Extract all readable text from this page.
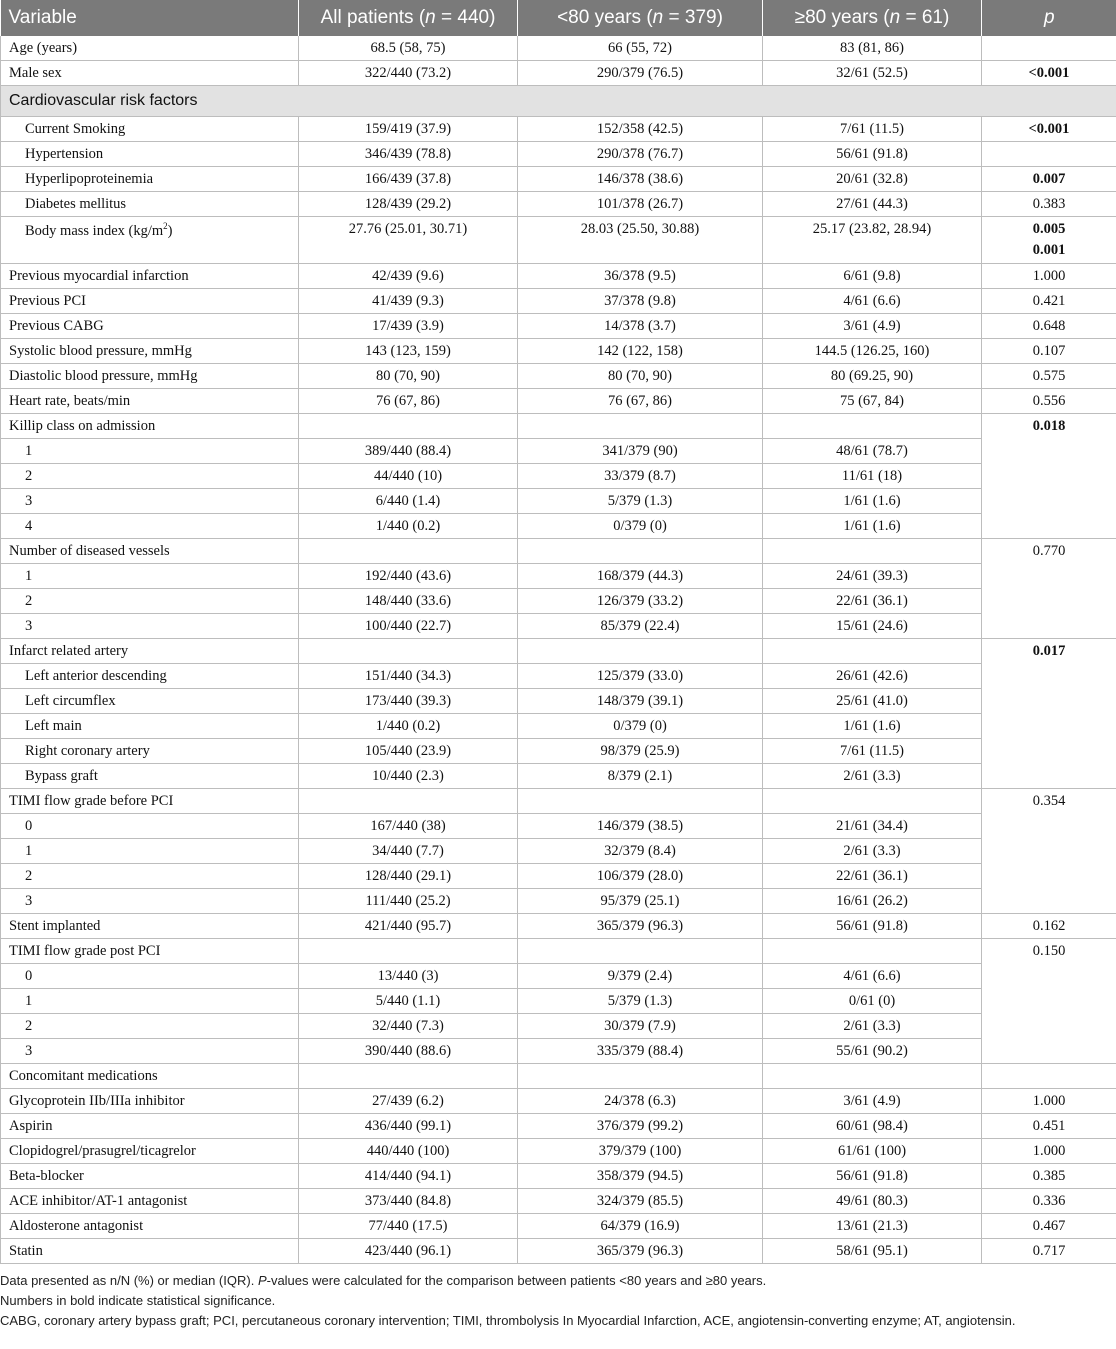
Variable	All patients (n = 440)	<80 years (n = 379)	≥80 years (n = 61)	p
Age (years)	68.5 (58, 75)	66 (55, 72)	83 (81, 86)	
Male sex	322/440 (73.2)	290/379 (76.5)	32/61 (52.5)	<0.001
Cardiovascular risk factors				
Current Smoking	159/419 (37.9)	152/358 (42.5)	7/61 (11.5)	<0.001
Hypertension	346/439 (78.8)	290/378 (76.7)	56/61 (91.8)	
Hyperlipoproteinemia	166/439 (37.8)	146/378 (38.6)	20/61 (32.8)	0.007
Diabetes mellitus	128/439 (29.2)	101/378 (26.7)	27/61 (44.3)	0.383
Body mass index $(kg/m^2)$	27.76 (25.01, 30.71)	28.03 (25.50, 30.88)	25.17 (23.82, 28.94)	0.005
0.001

Previous myocardial infarction	42/439 (9.6)	36/378 (9.5)	6/61 (9.8)	1.000
Previous PCI	41/439 (9.3)	37/378 (9.8)	4/61 (6.6)	0.421
Previous CABG	17/439 (3.9)	14/378 (3.7)	3/61 (4.9)	0.648
Systolic blood pressure, mmHg	143 (123, 159)	142 (122, 158)	144.5 (126.25, 160)	0.107
Diastolic blood pressure, mmHg	80 (70, 90)	80 (70, 90)	80 (69.25, 90)	0.575
Heart rate, beats/min	76 (67, 86)	76 (67, 86)	75 (67, 84)	0.556
Killip class on admission				0.018
1	389/440 (88.4)	341/379 (90)	48/61 (78.7)	
2	44/440 (10)	33/379 (8.7)	11/61 (18)	
3	6/440 (1.4)	5/379 (1.3)	1/61 (1.6)	
4	1/440 (0.2)	0/379 (0)	1/61 (1.6)	
Number of diseased vessels				0.770
1	192/440 (43.6)	168/379 (44.3)	24/61 (39.3)	
2	148/440 (33.6)	126/379 (33.2)	22/61 (36.1)	
3	100/440 (22.7)	85/379 (22.4)	15/61 (24.6)	
Infarct related artery				0.017
Left anterior descending	151/440 (34.3)	125/379 (33.0)	26/61 (42.6)	
Left circumflex	173/440 (39.3)	148/379 (39.1)	25/61 (41.0)	
Left main	1/440 (0.2)	0/379 (0)	1/61 (1.6)	
Right coronary artery	105/440 (23.9)	98/379 (25.9)	7/61 (11.5)	
Bypass graft	10/440 (2.3)	8/379 (2.1)	2/61 (3.3)	
TIMI flow grade before PCI				0.354
0	167/440 (38)	146/379 (38.5)	21/61 (34.4)	
1	34/440 (7.7)	32/379 (8.4)	2/61 (3.3)	
2	128/440 (29.1)	106/379 (28.0)	22/61 (36.1)	
3	111/440 (25.2)	95/379 (25.1)	16/61 (26.2)	
Stent implanted	421/440 (95.7)	365/379 (96.3)	56/61 (91.8)	0.162
TIMI flow grade post PCI				0.150
0	13/440 (3)	9/379 (2.4)	4/61 (6.6)	
1	5/440 (1.1)	5/379 (1.3)	0/61 (0)	
2	32/440 (7.3)	30/379 (7.9)	2/61 (3.3)	
3	390/440 (88.6)	335/379 (88.4)	55/61 (90.2)	
Concomitant medications				
Glycoprotein IIb/IIIa inhibitor	27/439 (6.2)	24/378 (6.3)	3/61 (4.9)	1.000
Aspirin	436/440 (99.1)	376/379 (99.2)	60/61 (98.4)	0.451
Clopidogrel/prasugrel/ticagrelor	440/440 (100)	379/379 (100)	61/61 (100)	1.000
Beta-blocker	414/440 (94.1)	358/379 (94.5)	56/61 (91.8)	0.385
ACE inhibitor/AT-1 antagonist	373/440 (84.8)	324/379 (85.5)	49/61 (80.3)	0.336
Aldosterone antagonist	77/440 (17.5)	64/379 (16.9)	13/61 (21.3)	0.467
Statin	423/440 (96.1)	365/379 (96.3)	58/61 (95.1)	0.717
Data presented as n/N (%) or median (IQR). P-values were calculated for the comparison between patients <80 years and ≥80 years.
Numbers in bold indicate statistical significance.
CABG, coronary artery bypass graft; PCI, percutaneous coronary intervention; TIMI, thrombolysis In Myocardial Infarction, ACE, angiotensin-converting enzyme; AT, angiotensin.
